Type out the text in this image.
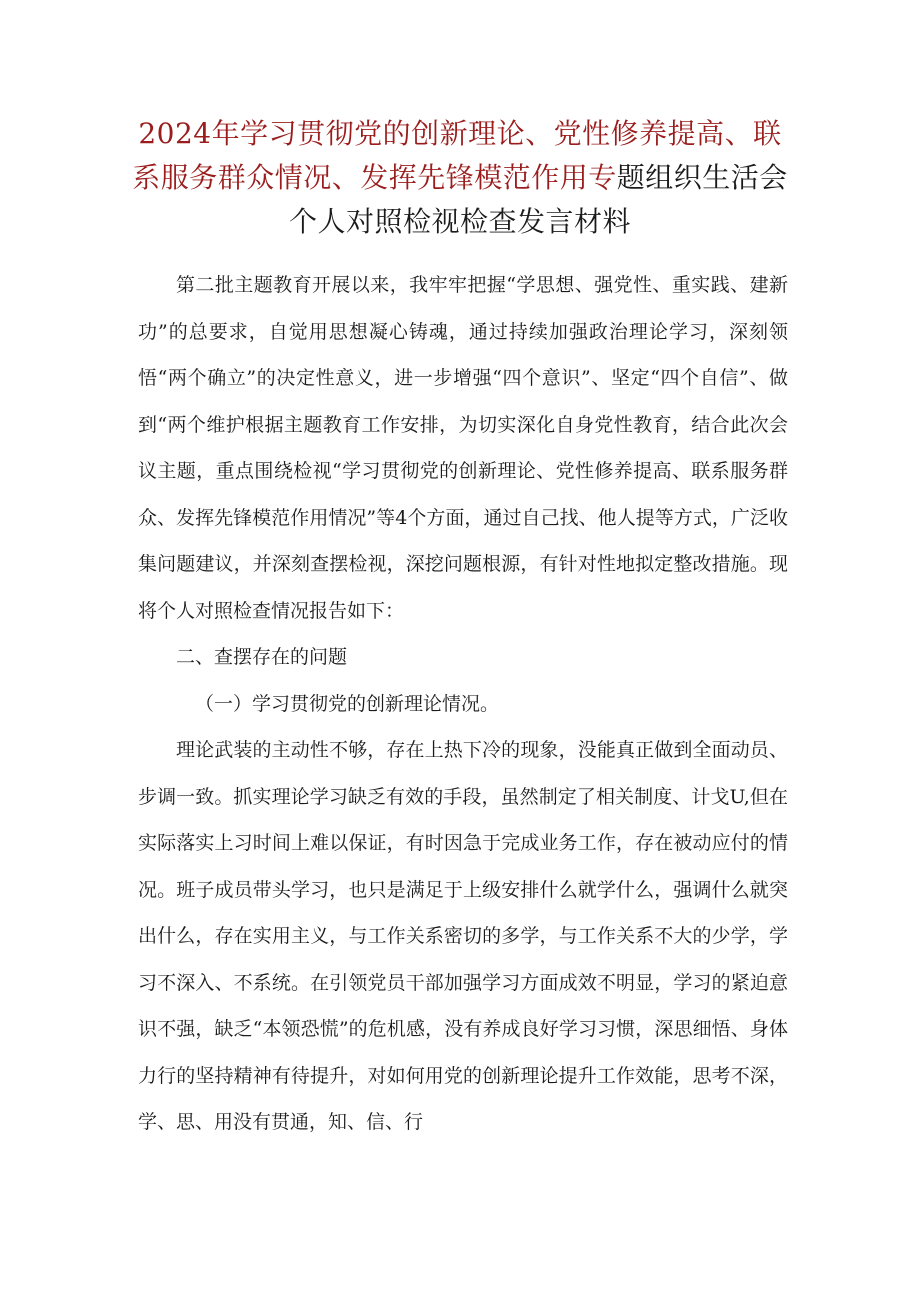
2024年学习贯彻党的创新理论、党性修养提高、联
系服务群众情况、发挥先锋模范作用专题组织生活会
个人对照检视检查发言材料

第二批主题教育开展以来，我牢牢把握“学思想、强党性、重实践、建新功”的总要求，自觉用思想凝心铸魂，通过持续加强政治理论学习，深刻领悟“两个确立”的决定性意义，进一步增强“四个意识”、坚定“四个自信”、做到“两个维护根据主题教育工作安排，为切实深化自身党性教育，结合此次会议主题，重点围绕检视“学习贯彻党的创新理论、党性修养提高、联系服务群众、发挥先锋模范作用情况”等4个方面，通过自己找、他人提等方式，广泛收集问题建议，并深刻查摆检视，深挖问题根源，有针对性地拟定整改措施。现将个人对照检查情况报告如下：

二、查摆存在的问题

（一）学习贯彻党的创新理论情况。

理论武装的主动性不够，存在上热下冷的现象，没能真正做到全面动员、步调一致。抓实理论学习缺乏有效的手段，虽然制定了相关制度、计戈U,但在实际落实上习时间上难以保证，有时因急于完成业务工作，存在被动应付的情况。班子成员带头学习，也只是满足于上级安排什么就学什么，强调什么就突出什么，存在实用主义，与工作关系密切的多学，与工作关系不大的少学，学习不深入、不系统。在引领党员干部加强学习方面成效不明显，学习的紧迫意识不强，缺乏“本领恐慌”的危机感，没有养成良好学习习惯，深思细悟、身体力行的坚持精神有待提升，对如何用党的创新理论提升工作效能，思考不深，学、思、用没有贯通，知、信、行
